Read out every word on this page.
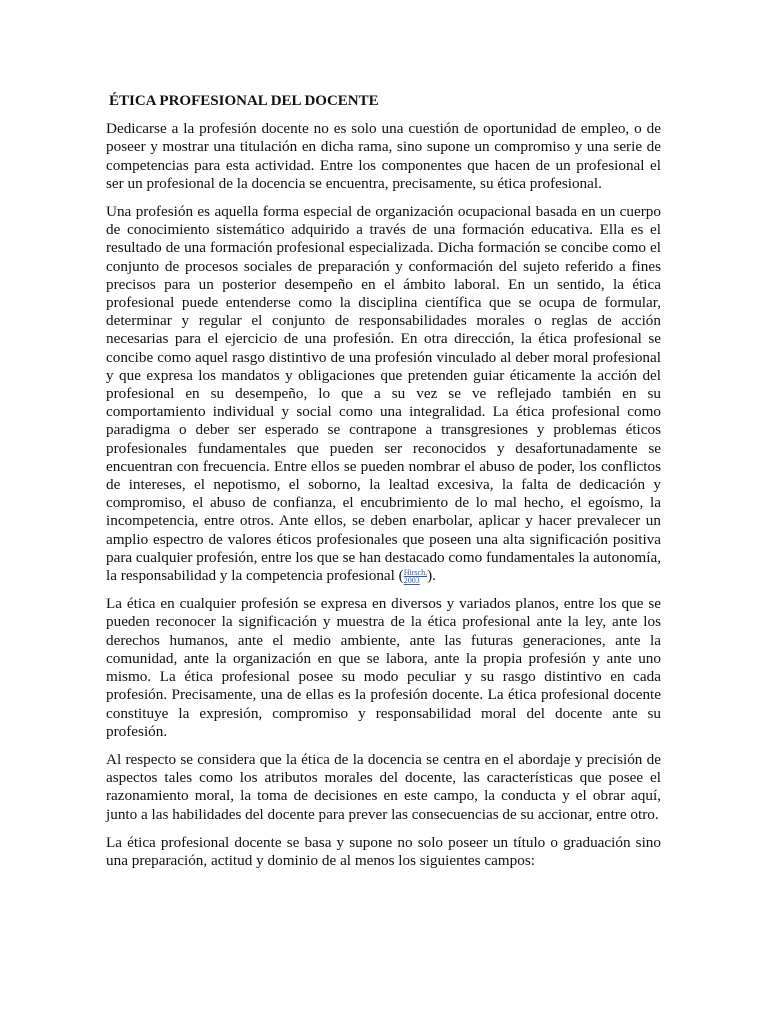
ÉTICA PROFESIONAL DEL DOCENTE

Dedicarse a la profesión docente no es solo una cuestión de oportunidad de empleo, o de poseer y mostrar una titulación en dicha rama, sino supone un compromiso y una serie de competencias para esta actividad. Entre los componentes que hacen de un profesional el ser un profesional de la docencia se encuentra, precisamente, su ética profesional.

Una profesión es aquella forma especial de organización ocupacional basada en un cuerpo de conocimiento sistemático adquirido a través de una formación educativa. Ella es el resultado de una formación profesional especializada. Dicha formación se concibe como el conjunto de procesos sociales de preparación y conformación del sujeto referido a fines precisos para un posterior desempeño en el ámbito laboral. En un sentido, la ética profesional puede entenderse como la disciplina científica que se ocupa de formular, determinar y regular el conjunto de responsabilidades morales o reglas de acción necesarias para el ejercicio de una profesión. En otra dirección, la ética profesional se concibe como aquel rasgo distintivo de una profesión vinculado al deber moral profesional y que expresa los mandatos y obligaciones que pretenden guiar éticamente la acción del profesional en su desempeño, lo que a su vez se ve reflejado también en su comportamiento individual y social como una integralidad. La ética profesional como paradigma o deber ser esperado se contrapone a transgresiones y problemas éticos profesionales fundamentales que pueden ser reconocidos y desafortunadamente se encuentran con frecuencia. Entre ellos se pueden nombrar el abuso de poder, los conflictos de intereses, el nepotismo, el soborno, la lealtad excesiva, la falta de dedicación y compromiso, el abuso de confianza, el encubrimiento de lo mal hecho, el egoísmo, la incompetencia, entre otros. Ante ellos, se deben enarbolar, aplicar y hacer prevalecer un amplio espectro de valores éticos profesionales que poseen una alta significación positiva para cualquier profesión, entre los que se han destacado como fundamentales la autonomía, la responsabilidad y la competencia profesional (Hirsch,
2003 ).

La ética en cualquier profesión se expresa en diversos y variados planos, entre los que se pueden reconocer la significación y muestra de la ética profesional ante la ley, ante los derechos humanos, ante el medio ambiente, ante las futuras generaciones, ante la comunidad, ante la organización en que se labora, ante la propia profesión y ante uno mismo. La ética profesional posee su modo peculiar y su rasgo distintivo en cada profesión. Precisamente, una de ellas es la profesión docente. La ética profesional docente constituye la expresión, compromiso y responsabilidad moral del docente ante su profesión.

Al respecto se considera que la ética de la docencia se centra en el abordaje y precisión de aspectos tales como los atributos morales del docente, las características que posee el razonamiento moral, la toma de decisiones en este campo, la conducta y el obrar aquí, junto a las habilidades del docente para prever las consecuencias de su accionar, entre otro.

La ética profesional docente se basa y supone no solo poseer un título o graduación sino una preparación, actitud y dominio de al menos los siguientes campos:
